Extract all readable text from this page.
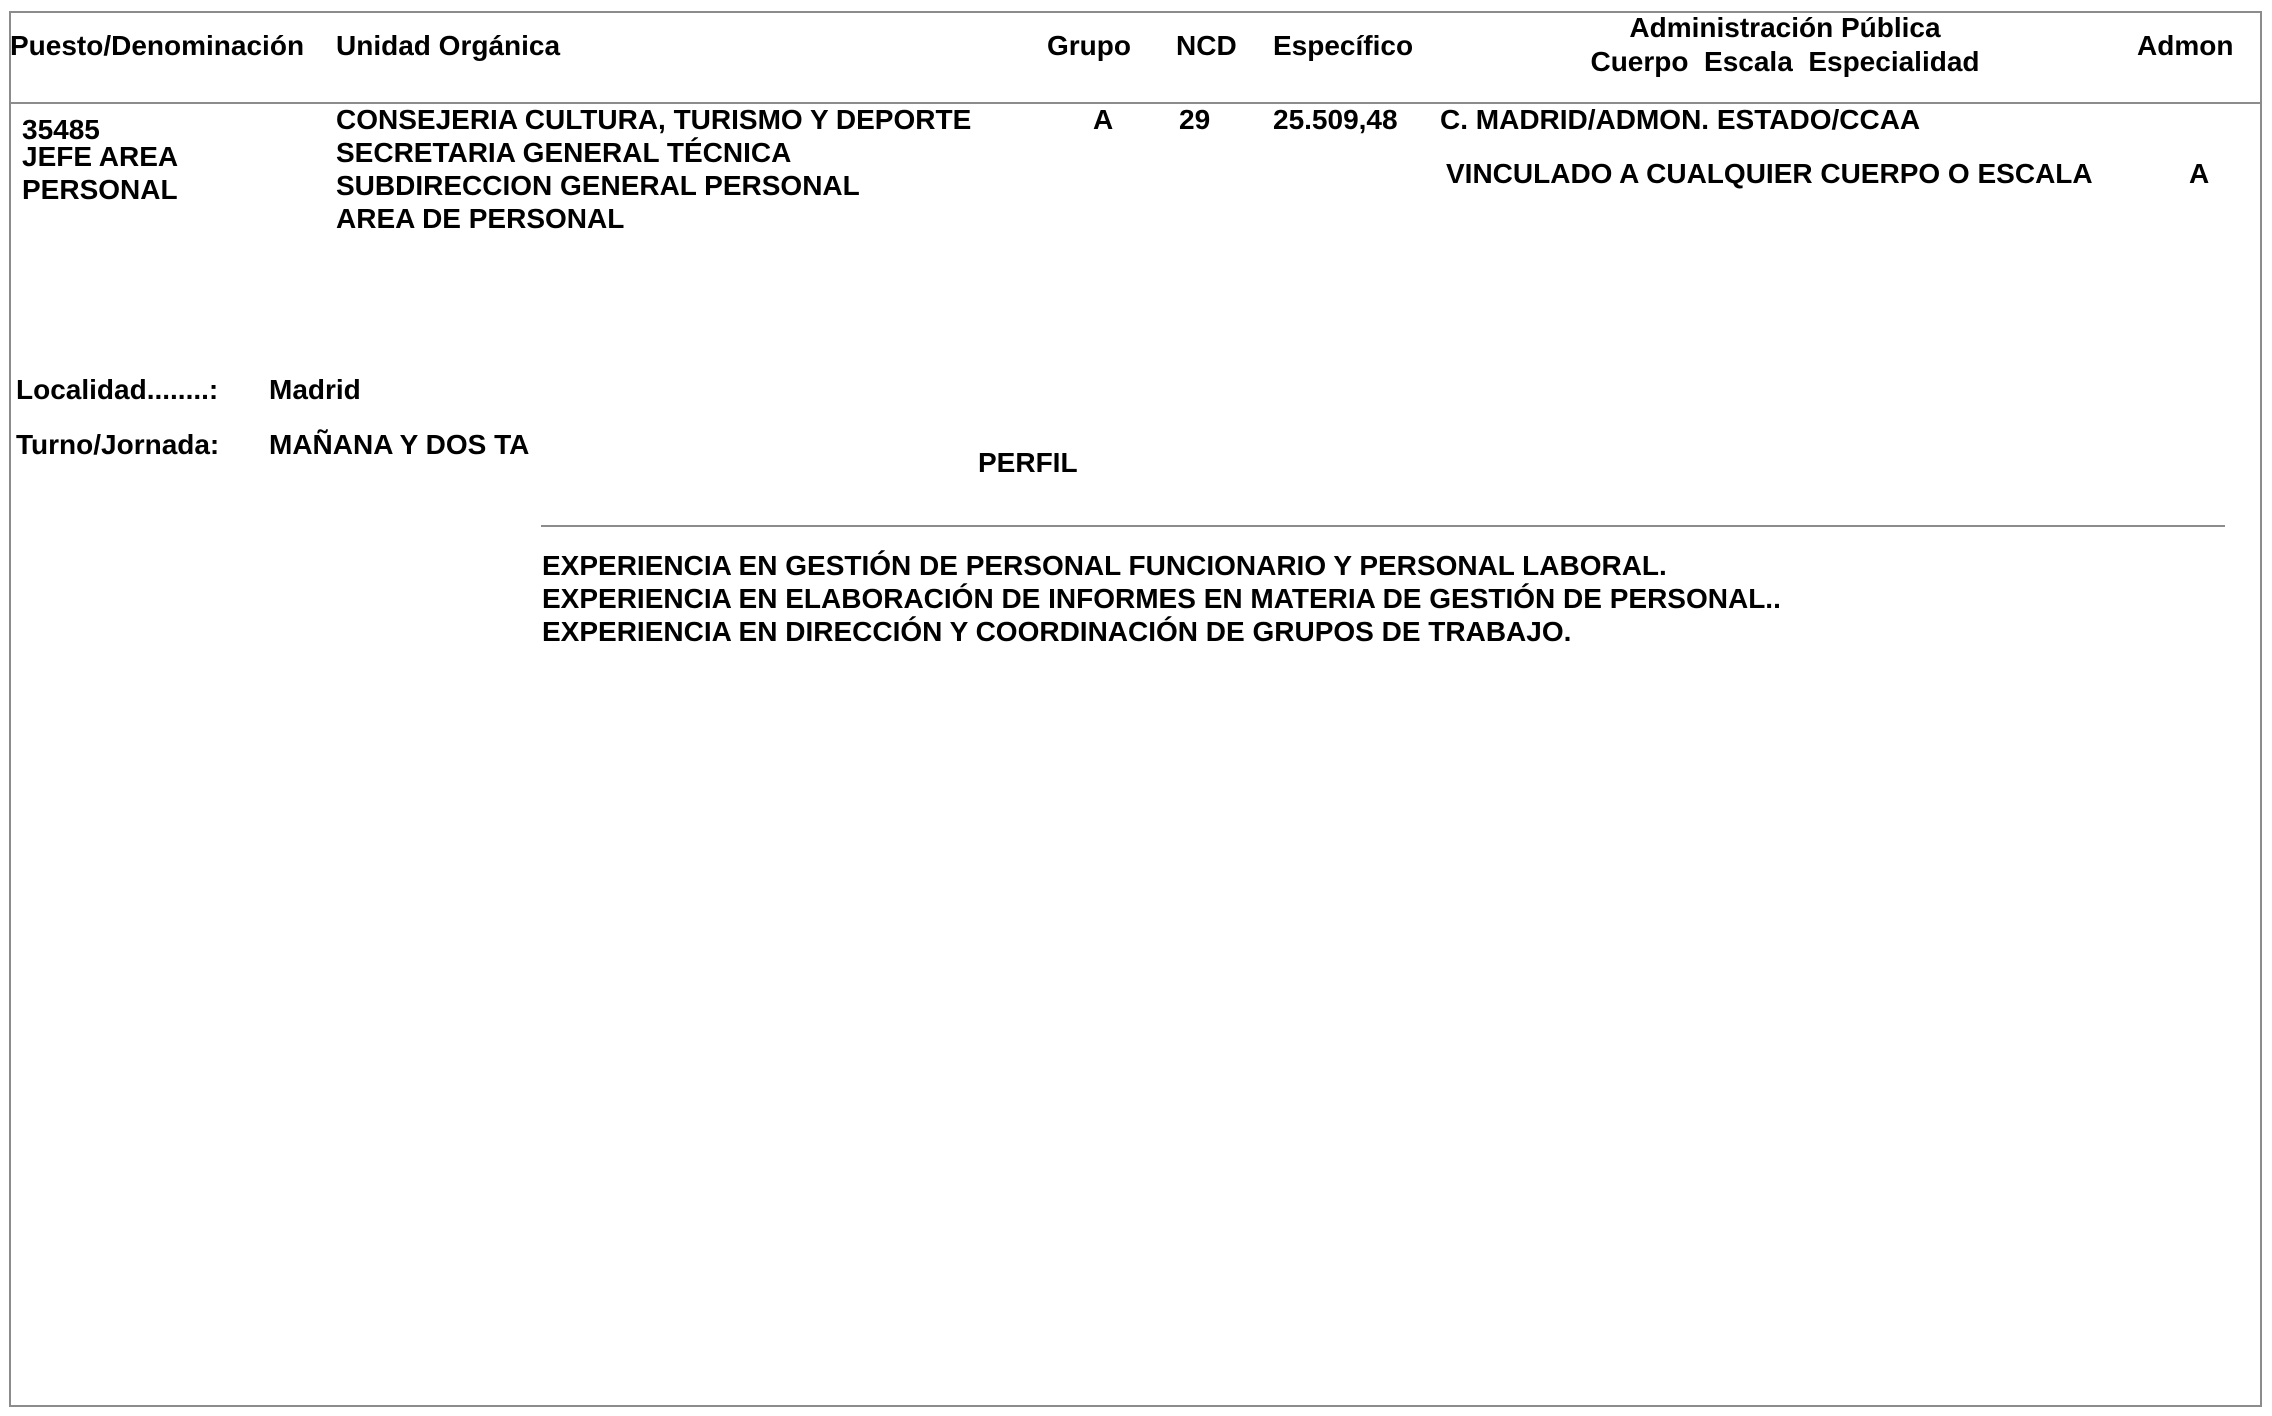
Puesto/Denominación Unidad Orgánica	Grupo NCD Específico
Administración Pública
Cuerpo  Escala  Especialidad
Admon
35485
JEFE AREA
PERSONAL
CONSEJERIA CULTURA, TURISMO Y DEPORTE
SECRETARIA GENERAL TÉCNICA
SUBDIRECCION GENERAL PERSONAL
AREA DE PERSONAL
A 29 25.509,48 C. MADRID/ADMON. ESTADO/CCAA
VINCULADO A CUALQUIER CUERPO O ESCALA	A
Localidad........: Madrid
Turno/Jornada: MAÑANA Y DOS TA
PERFIL
EXPERIENCIA EN GESTIÓN DE PERSONAL FUNCIONARIO Y PERSONAL LABORAL.
EXPERIENCIA EN ELABORACIÓN DE INFORMES EN MATERIA DE GESTIÓN DE PERSONAL..
EXPERIENCIA EN DIRECCIÓN Y COORDINACIÓN DE GRUPOS DE TRABAJO.
